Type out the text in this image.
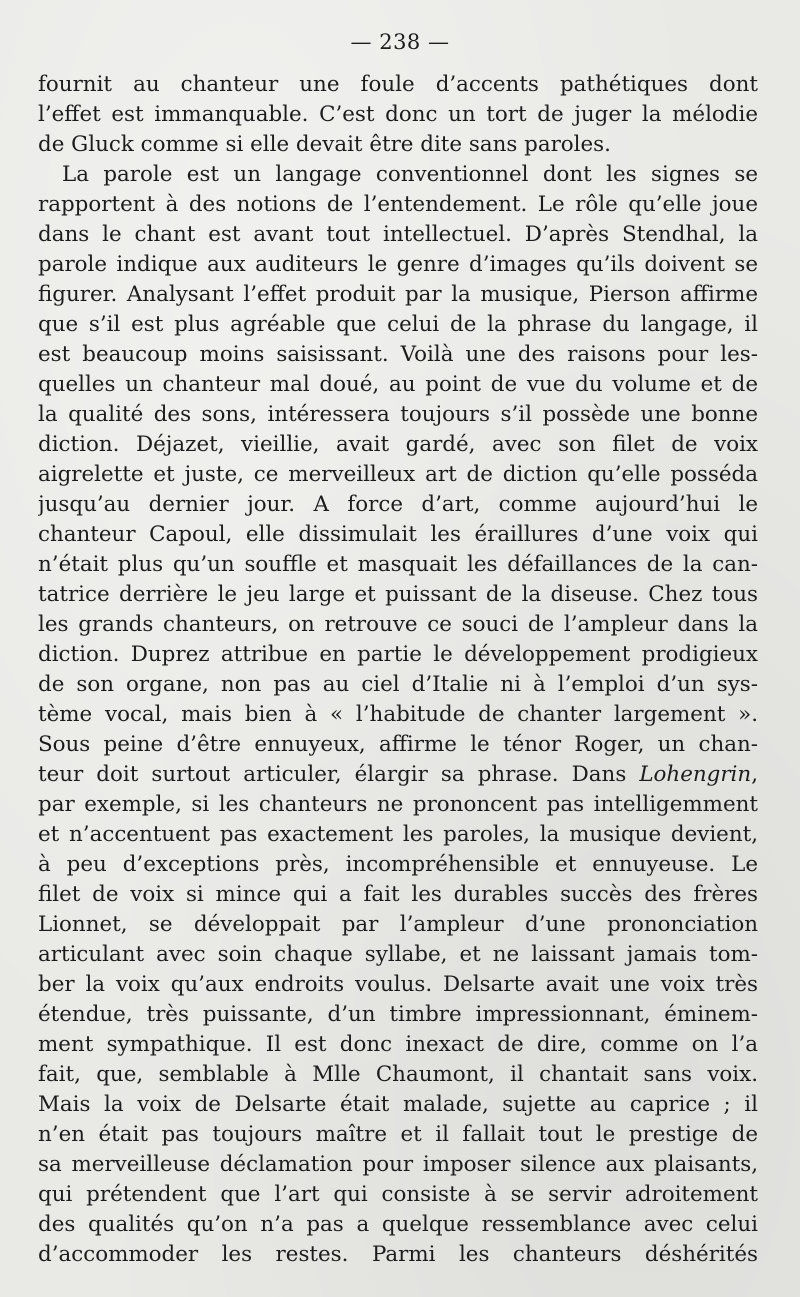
— 238 —
fournit au chanteur une foule d’accents pathétiques dont
l’effet est immanquable. C’est donc un tort de juger la mélodie
de Gluck comme si elle devait être dite sans paroles.
La parole est un langage conventionnel dont les signes se
rapportent à des notions de l’entendement. Le rôle qu’elle joue
dans le chant est avant tout intellectuel. D’après Stendhal, la
parole indique aux auditeurs le genre d’images qu’ils doivent se
figurer. Analysant l’effet produit par la musique, Pierson affirme
que s’il est plus agréable que celui de la phrase du langage, il
est beaucoup moins saisissant. Voilà une des raisons pour les-
quelles un chanteur mal doué, au point de vue du volume et de
la qualité des sons, intéressera toujours s’il possède une bonne
diction. Déjazet, vieillie, avait gardé, avec son filet de voix
aigrelette et juste, ce merveilleux art de diction qu’elle posséda
jusqu’au dernier jour. A force d’art, comme aujourd’hui le
chanteur Capoul, elle dissimulait les éraillures d’une voix qui
n’était plus qu’un souffle et masquait les défaillances de la can-
tatrice derrière le jeu large et puissant de la diseuse. Chez tous
les grands chanteurs, on retrouve ce souci de l’ampleur dans la
diction. Duprez attribue en partie le développement prodigieux
de son organe, non pas au ciel d’Italie ni à l’emploi d’un sys-
tème vocal, mais bien à « l’habitude de chanter largement ».
Sous peine d’être ennuyeux, affirme le ténor Roger, un chan-
teur doit surtout articuler, élargir sa phrase. Dans Lohengrin,
par exemple, si les chanteurs ne prononcent pas intelligemment
et n’accentuent pas exactement les paroles, la musique devient,
à peu d’exceptions près, incompréhensible et ennuyeuse. Le
filet de voix si mince qui a fait les durables succès des frères
Lionnet, se développait par l’ampleur d’une prononciation
articulant avec soin chaque syllabe, et ne laissant jamais tom-
ber la voix qu’aux endroits voulus. Delsarte avait une voix très
étendue, très puissante, d’un timbre impressionnant, éminem-
ment sympathique. Il est donc inexact de dire, comme on l’a
fait, que, semblable à Mlle Chaumont, il chantait sans voix.
Mais la voix de Delsarte était malade, sujette au caprice ; il
n’en était pas toujours maître et il fallait tout le prestige de
sa merveilleuse déclamation pour imposer silence aux plaisants,
qui prétendent que l’art qui consiste à se servir adroitement
des qualités qu’on n’a pas a quelque ressemblance avec celui
d’accommoder les restes. Parmi les chanteurs déshérités
